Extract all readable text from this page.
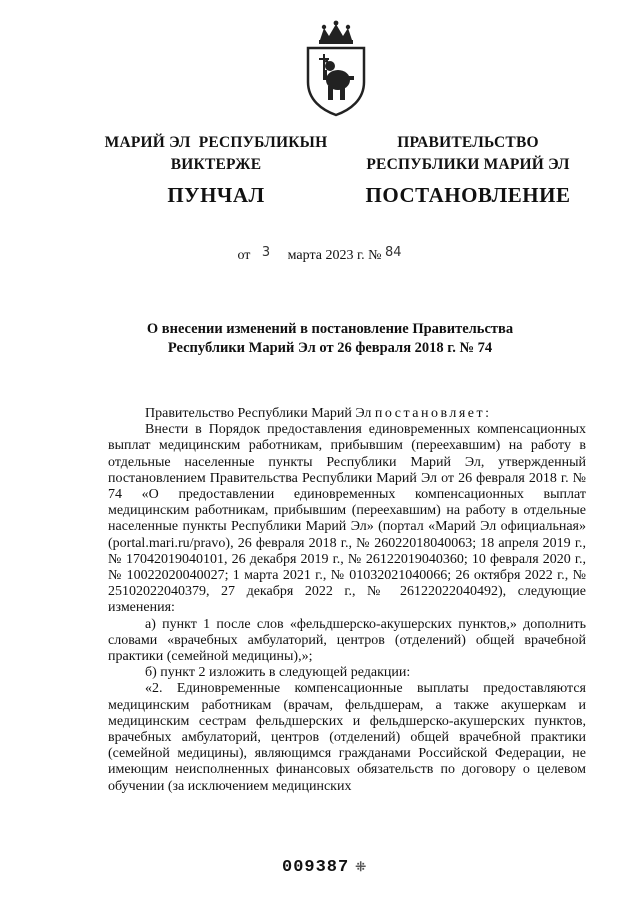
МАРИЙ ЭЛ  РЕСПУБЛИКЫН
ВИКТЕРЖЕ
ПУНЧАЛ
ПРАВИТЕЛЬСТВО
РЕСПУБЛИКИ МАРИЙ ЭЛ
ПОСТАНОВЛЕНИЕ
от 3 марта 2023 г. № 84
О внесении изменений в постановление Правительства
Республики Марий Эл от 26 февраля 2018 г. № 74

Правительство Республики Марий Эл постановляет:

Внести в Порядок предоставления единовременных компенсационных выплат медицинским работникам, прибывшим (переехавшим) на работу в отдельные населенные пункты Республики Марий Эл, утвержденный постановлением Правительства Республики Марий Эл от 26 февраля 2018 г. № 74 «О предоставлении единовременных компенсационных выплат медицинским работникам, прибывшим (переехавшим) на работу в отдельные населенные пункты Республики Марий Эл» (портал «Марий Эл официальная» (portal.mari.ru/pravo), 26 февраля 2018 г., № 26022018040063; 18 апреля 2019 г., № 17042019040101, 26 декабря 2019 г., № 26122019040360; 10 февраля 2020 г., № 10022020040027; 1 марта 2021 г., № 01032021040066; 26 октября 2022 г., № 25102022040379, 27 декабря 2022 г., № 26122022040492), следующие изменения:

а) пункт 1 после слов «фельдшерско-акушерских пунктов,» дополнить словами «врачебных амбулаторий, центров (отделений) общей врачебной практики (семейной медицины),»;

б) пункт 2 изложить в следующей редакции:

«2. Единовременные компенсационные выплаты предоставляются медицинским работникам (врачам, фельдшерам, а также акушеркам и медицинским сестрам фельдшерских и фельдшерско-акушерских пунктов, врачебных амбулаторий, центров (отделений) общей врачебной практики (семейной медицины), являющимся гражданами Российской Федерации, не имеющим неисполненных финансовых обязательств по договору о целевом обучении (за исключением медицинских

009387 ⁜
